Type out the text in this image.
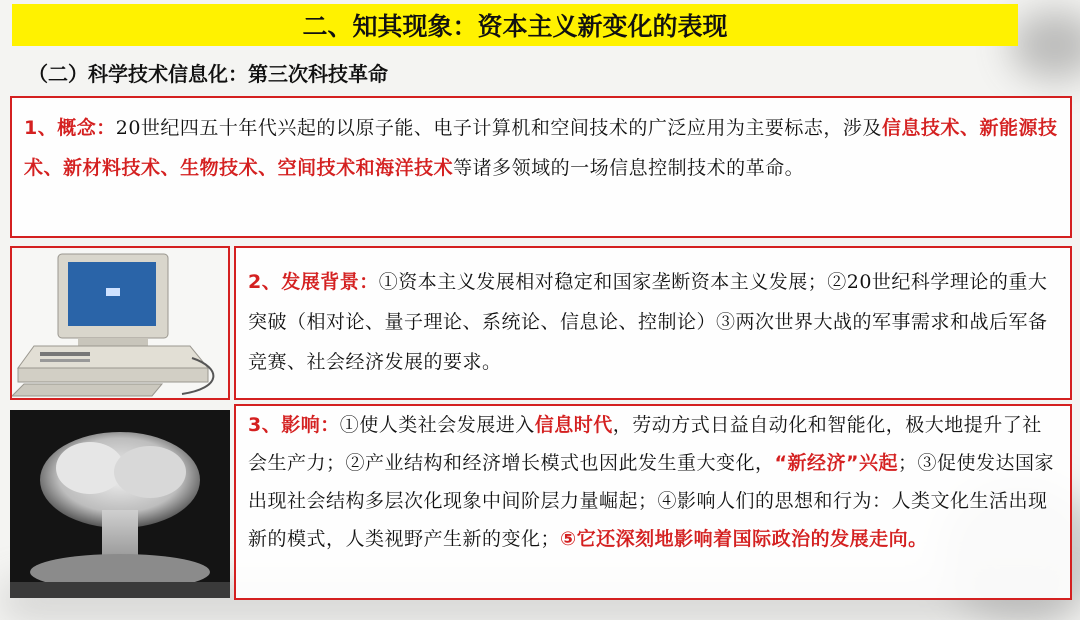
二、知其现象：资本主义新变化的表现
（二）科学技术信息化：第三次科技革命

1、概念：20世纪四五十年代兴起的以原子能、电子计算机和空间技术的广泛应用为主要标志，涉及信息技术、新能源技术、新材料技术、生物技术、空间技术和海洋技术等诸多领域的一场信息控制技术的革命。

2、发展背景：①资本主义发展相对稳定和国家垄断资本主义发展；②20世纪科学理论的重大突破（相对论、量子理论、系统论、信息论、控制论）③两次世界大战的军事需求和战后军备竞赛、社会经济发展的要求。

3、影响：①使人类社会发展进入信息时代，劳动方式日益自动化和智能化，极大地提升了社会生产力；②产业结构和经济增长模式也因此发生重大变化，“新经济”兴起；③促使发达国家出现社会结构多层次化现象中间阶层力量崛起；④影响人们的思想和行为：人类文化生活出现新的模式，人类视野产生新的变化；⑤它还深刻地影响着国际政治的发展走向。
